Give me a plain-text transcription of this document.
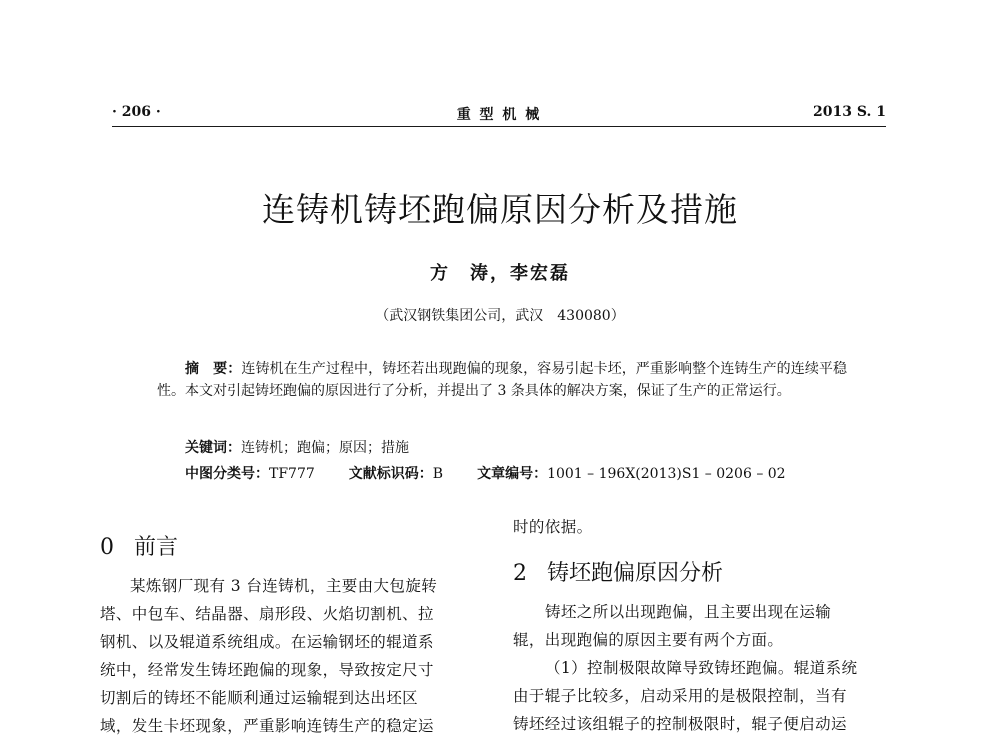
· 206 ·	重 型 机 械	2013 S. 1
连铸机铸坯跑偏原因分析及措施
方　涛，李宏磊
（武汉钢铁集团公司，武汉　430080）
摘　要：连铸机在生产过程中，铸坯若出现跑偏的现象，容易引起卡坯，严重影响整个连铸生产的连续平稳性。本文对引起铸坯跑偏的原因进行了分析，并提出了 3 条具体的解决方案，保证了生产的正常运行。
关键词：连铸机；跑偏；原因；措施
中图分类号：TF777 文献标识码：B 文章编号：1001 – 196X(2013)S1 – 0206 – 02
0 前言
某炼钢厂现有 3 台连铸机，主要由大包旋转
塔、中包车、结晶器、扇形段、火焰切割机、拉
钢机、以及辊道系统组成。在运输钢坯的辊道系
统中，经常发生铸坯跑偏的现象，导致按定尺寸
切割后的铸坯不能顺利通过运输辊到达出坯区
域，发生卡坯现象，严重影响连铸生产的稳定运
时的依据。
2 铸坯跑偏原因分析
铸坯之所以出现跑偏，且主要出现在运输
辊，出现跑偏的原因主要有两个方面。
（1）控制极限故障导致铸坯跑偏。辊道系统
由于辊子比较多，启动采用的是极限控制，当有
铸坯经过该组辊子的控制极限时，辊子便启动运
